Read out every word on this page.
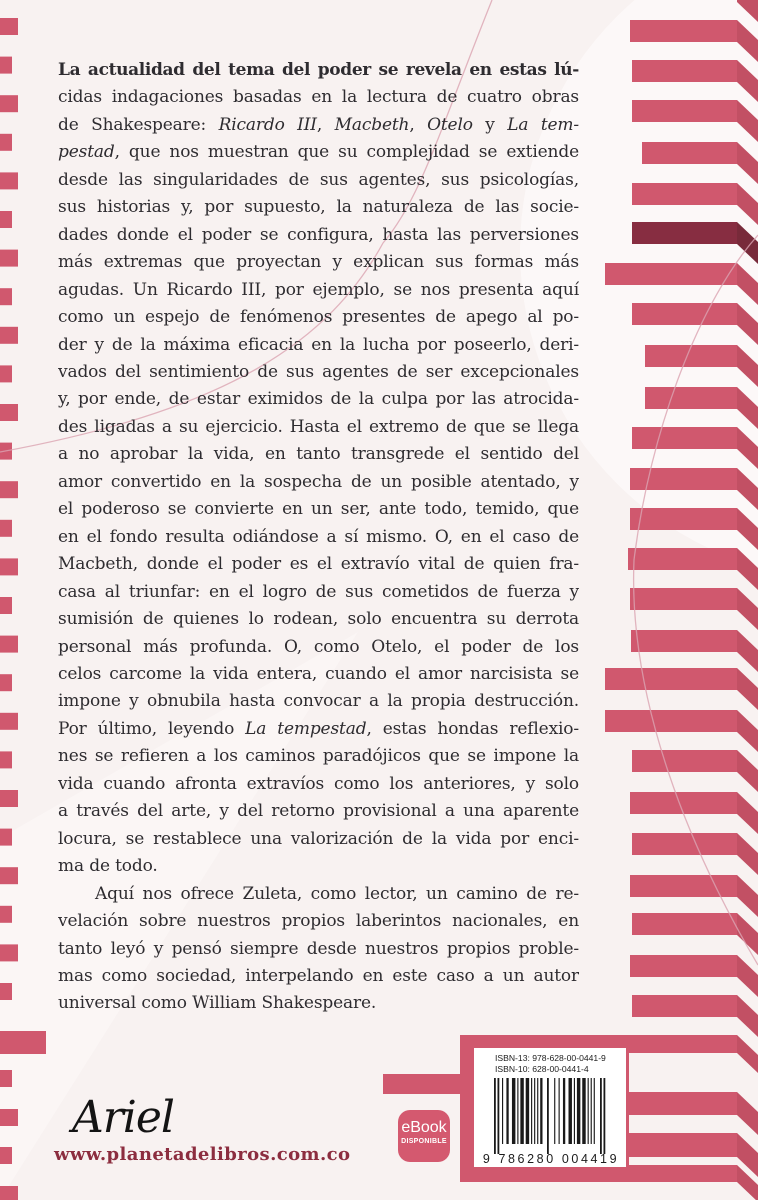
La actualidad del tema del poder se revela en estas lú-
cidas indagaciones basadas en la lectura de cuatro obras
de Shakespeare: Ricardo III, Macbeth, Otelo y La tem-
pestad, que nos muestran que su complejidad se extiende
desde las singularidades de sus agentes, sus psicologías,
sus historias y, por supuesto, la naturaleza de las socie-
dades donde el poder se configura, hasta las perversiones
más extremas que proyectan y explican sus formas más
agudas. Un Ricardo III, por ejemplo, se nos presenta aquí
como un espejo de fenómenos presentes de apego al po-
der y de la máxima eficacia en la lucha por poseerlo, deri-
vados del sentimiento de sus agentes de ser excepcionales
y, por ende, de estar eximidos de la culpa por las atrocida-
des ligadas a su ejercicio. Hasta el extremo de que se llega
a no aprobar la vida, en tanto transgrede el sentido del
amor convertido en la sospecha de un posible atentado, y
el poderoso se convierte en un ser, ante todo, temido, que
en el fondo resulta odiándose a sí mismo. O, en el caso de
Macbeth, donde el poder es el extravío vital de quien fra-
casa al triunfar: en el logro de sus cometidos de fuerza y
sumisión de quienes lo rodean, solo encuentra su derrota
personal más profunda. O, como Otelo, el poder de los
celos carcome la vida entera, cuando el amor narcisista se
impone y obnubila hasta convocar a la propia destrucción.
Por último, leyendo La tempestad, estas hondas reflexio-
nes se refieren a los caminos paradójicos que se impone la
vida cuando afronta extravíos como los anteriores, y solo
a través del arte, y del retorno provisional a una aparente
locura, se restablece una valorización de la vida por enci-
ma de todo.
Aquí nos ofrece Zuleta, como lector, un camino de re-
velación sobre nuestros propios laberintos nacionales, en
tanto leyó y pensó siempre desde nuestros propios proble-
mas como sociedad, interpelando en este caso a un autor
universal como William Shakespeare.
Ariel
www.planetadelibros.com.co
eBook
DISPONIBLE
ISBN-13: 978-628-00-0441-9
ISBN-10: 628-00-0441-4
9 786280 004419
